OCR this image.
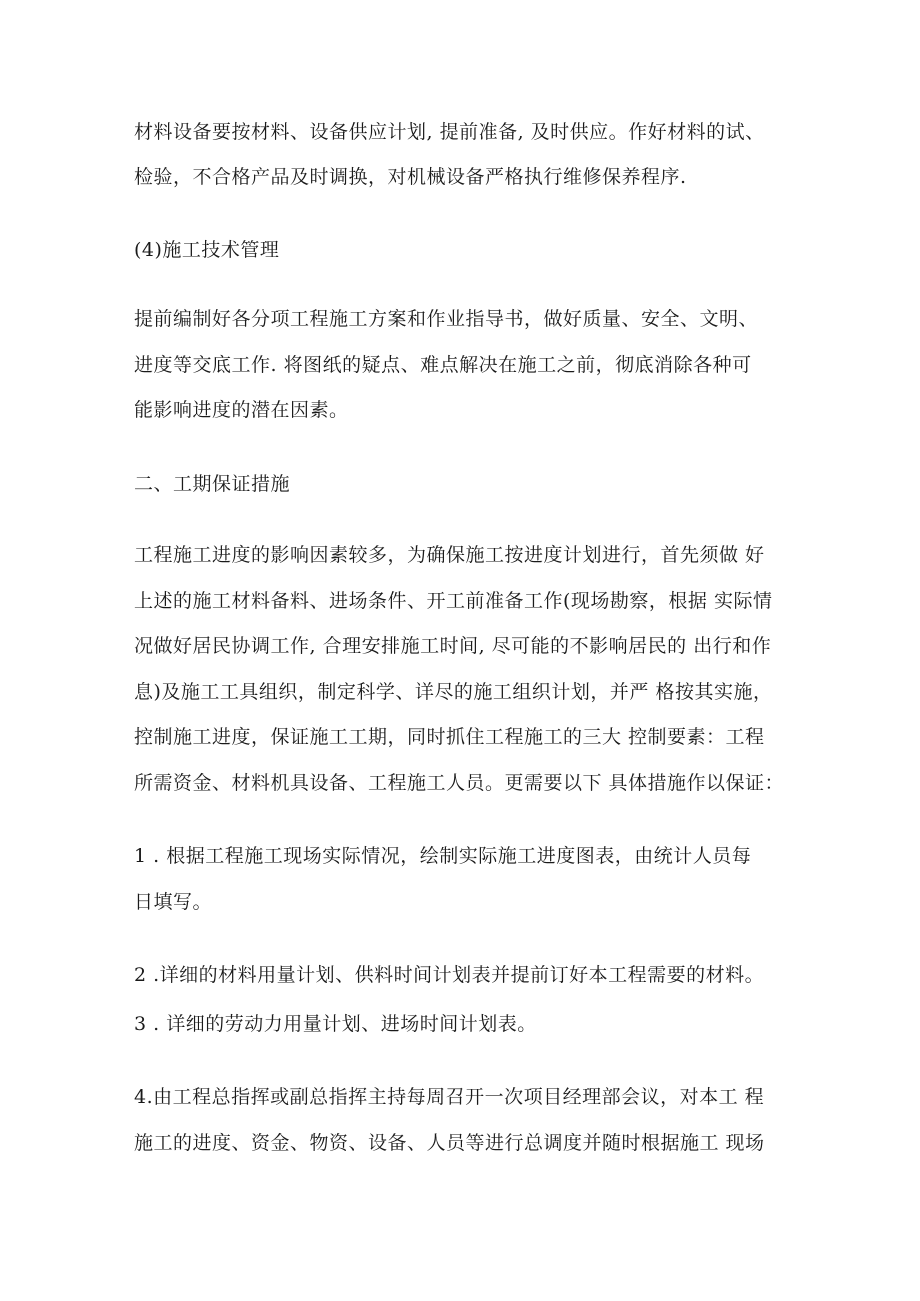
材料设备要按材料、设备供应计划, 提前准备, 及时供应。作好材料的试、
检验，不合格产品及时调换，对机械设备严格执行维修保养程序.
(4)施工技术管理
提前编制好各分项工程施工方案和作业指导书，做好质量、安全、文明、
进度等交底工作. 将图纸的疑点、难点解决在施工之前，彻底消除各种可
能影响进度的潜在因素。
二、工期保证措施
工程施工进度的影响因素较多，为确保施工按进度计划进行，首先须做 好
上述的施工材料备料、进场条件、开工前准备工作(现场勘察，根据 实际情
况做好居民协调工作, 合理安排施工时间, 尽可能的不影响居民的 出行和作
息)及施工工具组织，制定科学、详尽的施工组织计划，并严 格按其实施，
控制施工进度，保证施工工期，同时抓住工程施工的三大 控制要素：工程
所需资金、材料机具设备、工程施工人员。更需要以下 具体措施作以保证：
1 . 根据工程施工现场实际情况，绘制实际施工进度图表，由统计人员每
日填写。
2 .详细的材料用量计划、供料时间计划表并提前订好本工程需要的材料。
3 . 详细的劳动力用量计划、进场时间计划表。
4.由工程总指挥或副总指挥主持每周召开一次项目经理部会议，对本工 程
施工的进度、资金、物资、设备、人员等进行总调度并随时根据施工 现场
